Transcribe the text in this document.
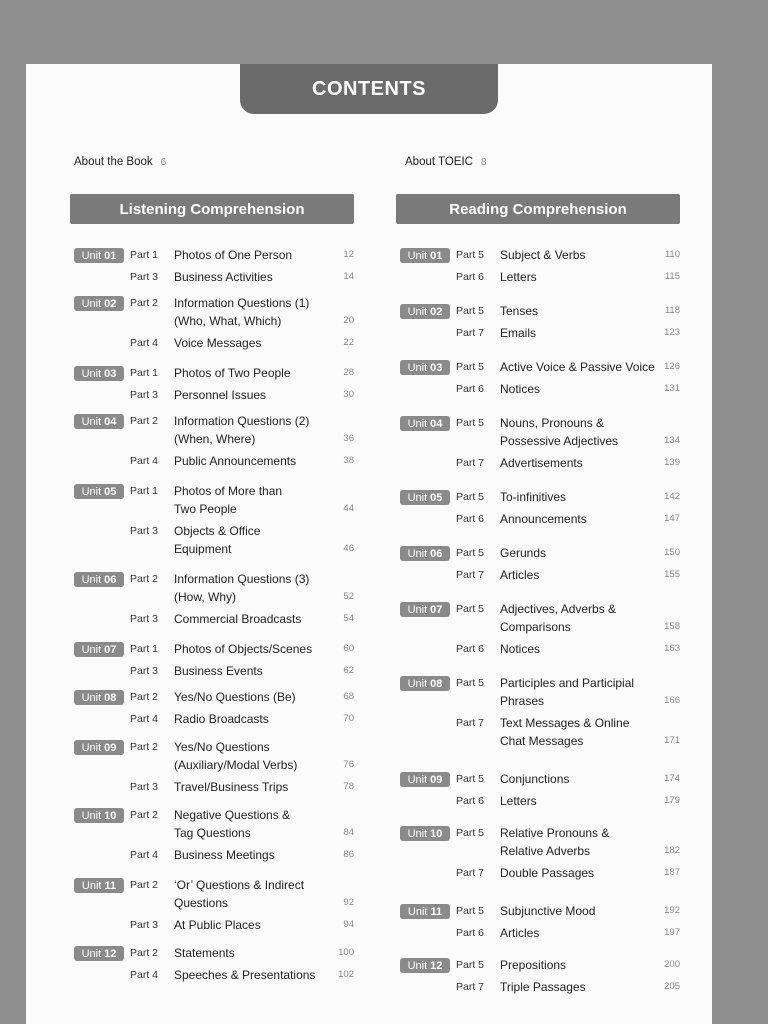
CONTENTS
About the Book 6	About TOEIC 8
Listening Comprehension
Unit 01 Part 1 Photos of One Person	12
Part 3 Business Activities	14
Unit 02 Part 2 Information Questions (1)
(Who, What, Which)	20
Part 4 Voice Messages	22
Unit 03 Part 1 Photos of Two People	28
Part 3 Personnel Issues	30
Unit 04 Part 2 Information Questions (2)
(When, Where)	36
Part 4 Public Announcements	38
Unit 05 Part 1 Photos of More than
Two People	44
Part 3 Objects & Office
Equipment	46
Unit 06 Part 2 Information Questions (3)
(How, Why)	52
Part 3 Commercial Broadcasts	54
Unit 07 Part 1 Photos of Objects/Scenes	60
Part 3 Business Events	62
Unit 08 Part 2 Yes/No Questions (Be)	68
Part 4 Radio Broadcasts	70
Unit 09 Part 2 Yes/No Questions
(Auxiliary/Modal Verbs)	76
Part 3 Travel/Business Trips	78
Unit 10 Part 2 Negative Questions &
Tag Questions	84
Part 4 Business Meetings	86
Unit 11 Part 2 ‘Or’ Questions & Indirect
Questions	92
Part 3 At Public Places	94
Unit 12 Part 2 Statements	100
Part 4 Speeches & Presentations	102
Reading Comprehension
Unit 01 Part 5 Subject & Verbs	110
Part 6 Letters	115
Unit 02 Part 5 Tenses	118
Part 7 Emails	123
Unit 03 Part 5 Active Voice & Passive Voice 126
Part 6 Notices	131
Unit 04 Part 5 Nouns, Pronouns &
Possessive Adjectives	134
Part 7 Advertisements	139
Unit 05 Part 5 To-infinitives	142
Part 6 Announcements	147
Unit 06 Part 5 Gerunds	150
Part 7 Articles	155
Unit 07 Part 5 Adjectives, Adverbs &
Comparisons	158
Part 6 Notices	163
Unit 08 Part 5 Participles and Participial
Phrases	166
Part 7 Text Messages & Online
Chat Messages	171
Unit 09 Part 5 Conjunctions	174
Part 6 Letters	179
Unit 10 Part 5 Relative Pronouns &
Relative Adverbs	182
Part 7 Double Passages	187
Unit 11 Part 5 Subjunctive Mood	192
Part 6 Articles	197
Unit 12 Part 5 Prepositions	200
Part 7 Triple Passages	205
